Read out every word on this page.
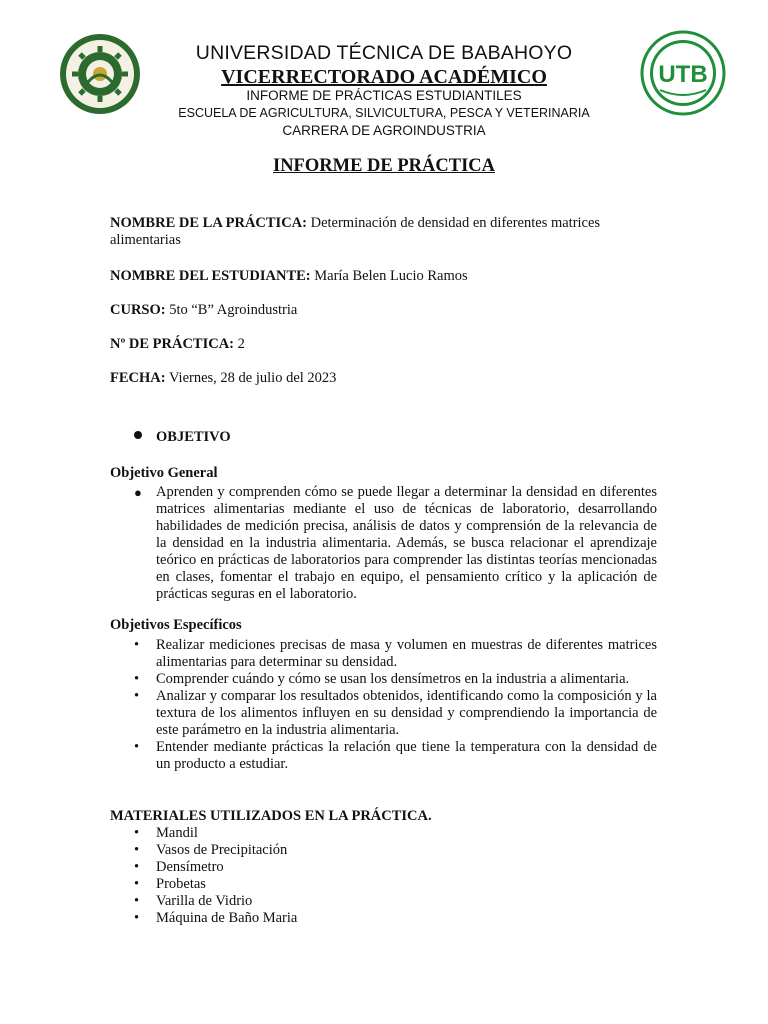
UNIVERSIDAD TÉCNICA DE BABAHOYO
VICERRECTORADO ACADÉMICO
INFORME DE PRÁCTICAS ESTUDIANTILES
ESCUELA DE AGRICULTURA, SILVICULTURA, PESCA Y VETERINARIA
CARRERA DE AGROINDUSTRIA
UTB
INFORME DE PRÁCTICA
NOMBRE DE LA PRÁCTICA: Determinación de densidad en diferentes matrices alimentarias
NOMBRE DEL ESTUDIANTE: María Belen Lucio Ramos
CURSO: 5to “B” Agroindustria
Nº DE PRÁCTICA: 2
FECHA: Viernes, 28 de julio del 2023
OBJETIVO
Objetivo General
● Aprenden y comprenden cómo se puede llegar a determinar la densidad en diferentes matrices alimentarias mediante el uso de técnicas de laboratorio, desarrollando habilidades de medición precisa, análisis de datos y comprensión de la relevancia de la densidad en la industria alimentaria. Además, se busca relacionar el aprendizaje teórico en prácticas de laboratorios para comprender las distintas teorías mencionadas en clases, fomentar el trabajo en equipo, el pensamiento crítico y la aplicación de prácticas seguras en el laboratorio.
Objetivos Específicos
• Realizar mediciones precisas de masa y volumen en muestras de diferentes matrices alimentarias para determinar su densidad.
• Comprender cuándo y cómo se usan los densímetros en la industria a alimentaria.
• Analizar y comparar los resultados obtenidos, identificando como la composición y la textura de los alimentos influyen en su densidad y comprendiendo la importancia de este parámetro en la industria alimentaria.
• Entender mediante prácticas la relación que tiene la temperatura con la densidad de un producto a estudiar.
MATERIALES UTILIZADOS EN LA PRÁCTICA.
• Mandil
• Vasos de Precipitación
• Densímetro
• Probetas
• Varilla de Vidrio
• Máquina de Baño Maria
